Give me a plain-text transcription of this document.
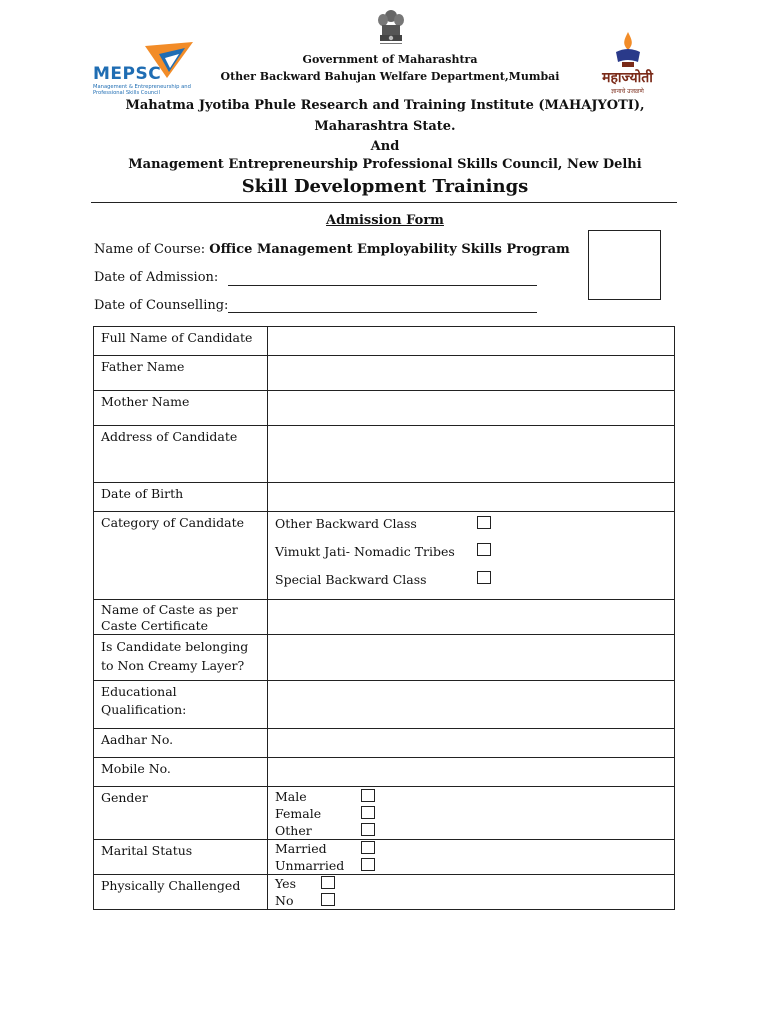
MEPSC
Management & Entrepreneurship and Professional Skills Council
महाज्योती
ज्ञानाचे उजळणे
Government of Maharashtra
Other Backward Bahujan Welfare Department,Mumbai
Mahatma Jyotiba Phule Research and Training Institute (MAHAJYOTI),
Maharashtra State.
And
Management Entrepreneurship Professional Skills Council, New Delhi
Skill Development Trainings
Admission Form
Name of Course: Office Management Employability Skills Program
Date of Admission:
Date of Counselling:
Full Name of Candidate	
Father Name	
Mother Name	
Address of Candidate	
Date of Birth	
Category of Candidate	Other Backward Class
Vimukt Jati- Nomadic Tribes
Special Backward Class

Name of Caste as per
Caste Certificate	

Is Candidate belonging
to Non Creamy Layer?	

Educational
Qualification:	

Aadhar No.	
Mobile No.	
Gender	Male
Female
Other

Marital Status	Married
Unmarried

Physically Challenged	Yes
No
